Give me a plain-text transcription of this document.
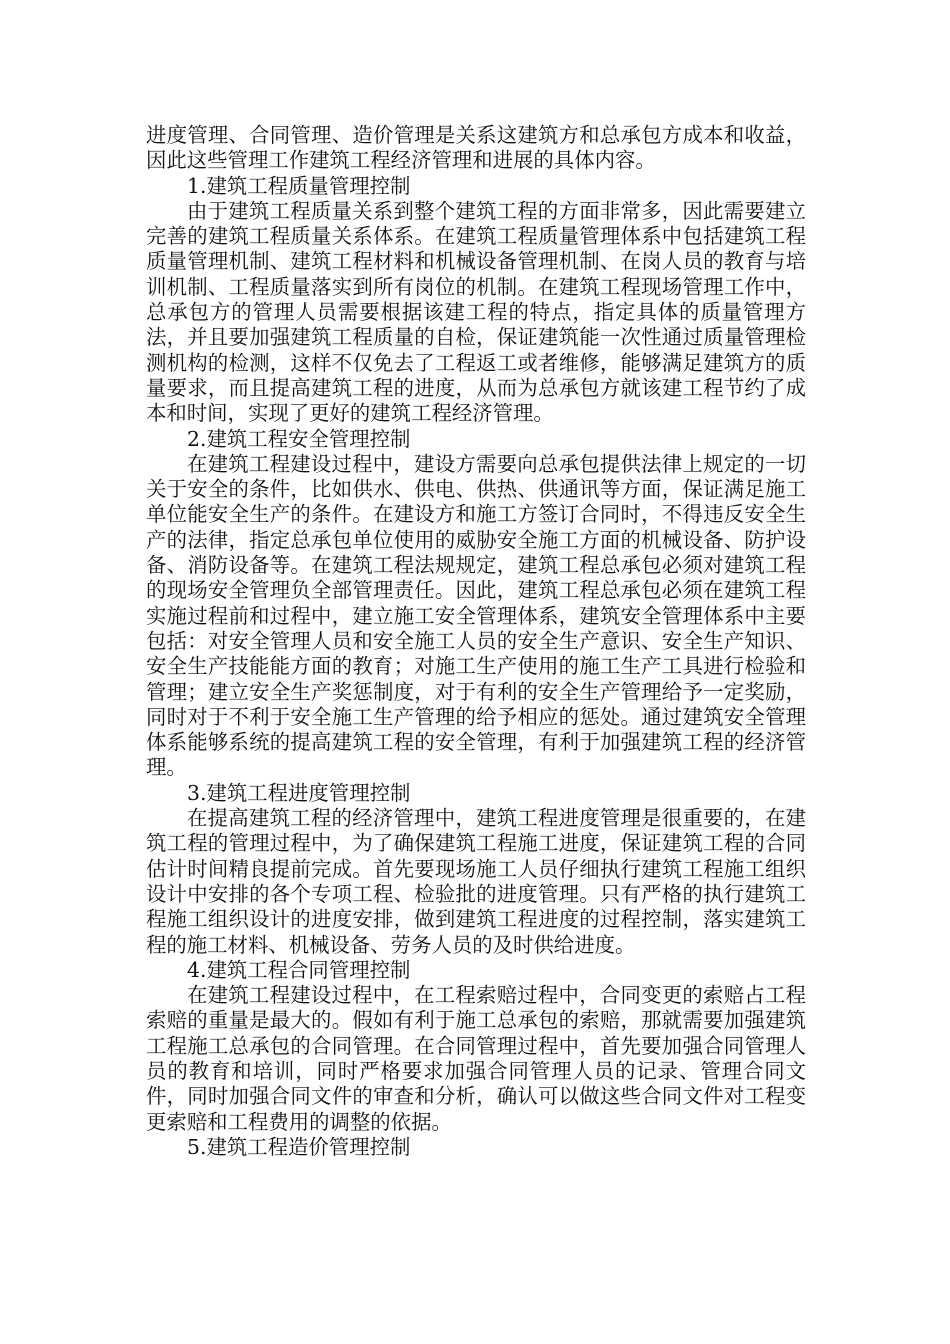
进度管理、合同管理、造价管理是关系这建筑方和总承包方成本和收益，因此这些管理工作建筑工程经济管理和进展的具体内容。

1.建筑工程质量管理控制

由于建筑工程质量关系到整个建筑工程的方面非常多，因此需要建立完善的建筑工程质量关系体系。在建筑工程质量管理体系中包括建筑工程质量管理机制、建筑工程材料和机械设备管理机制、在岗人员的教育与培训机制、工程质量落实到所有岗位的机制。在建筑工程现场管理工作中，总承包方的管理人员需要根据该建工程的特点，指定具体的质量管理方法，并且要加强建筑工程质量的自检，保证建筑能一次性通过质量管理检测机构的检测，这样不仅免去了工程返工或者维修，能够满足建筑方的质量要求，而且提高建筑工程的进度，从而为总承包方就该建工程节约了成本和时间，实现了更好的建筑工程经济管理。

2.建筑工程安全管理控制

在建筑工程建设过程中，建设方需要向总承包提供法律上规定的一切关于安全的条件，比如供水、供电、供热、供通讯等方面，保证满足施工单位能安全生产的条件。在建设方和施工方签订合同时，不得违反安全生产的法律，指定总承包单位使用的威胁安全施工方面的机械设备、防护设备、消防设备等。在建筑工程法规规定，建筑工程总承包必须对建筑工程的现场安全管理负全部管理责任。因此，建筑工程总承包必须在建筑工程实施过程前和过程中，建立施工安全管理体系，建筑安全管理体系中主要包括：对安全管理人员和安全施工人员的安全生产意识、安全生产知识、安全生产技能能方面的教育；对施工生产使用的施工生产工具进行检验和管理；建立安全生产奖惩制度，对于有利的安全生产管理给予一定奖励，同时对于不利于安全施工生产管理的给予相应的惩处。通过建筑安全管理体系能够系统的提高建筑工程的安全管理，有利于加强建筑工程的经济管理。

3.建筑工程进度管理控制

在提高建筑工程的经济管理中，建筑工程进度管理是很重要的，在建筑工程的管理过程中，为了确保建筑工程施工进度，保证建筑工程的合同估计时间精良提前完成。首先要现场施工人员仔细执行建筑工程施工组织设计中安排的各个专项工程、检验批的进度管理。只有严格的执行建筑工程施工组织设计的进度安排，做到建筑工程进度的过程控制，落实建筑工程的施工材料、机械设备、劳务人员的及时供给进度。

4.建筑工程合同管理控制

在建筑工程建设过程中，在工程索赔过程中，合同变更的索赔占工程索赔的重量是最大的。假如有利于施工总承包的索赔，那就需要加强建筑工程施工总承包的合同管理。在合同管理过程中，首先要加强合同管理人员的教育和培训，同时严格要求加强合同管理人员的记录、管理合同文件，同时加强合同文件的审查和分析，确认可以做这些合同文件对工程变更索赔和工程费用的调整的依据。

5.建筑工程造价管理控制
